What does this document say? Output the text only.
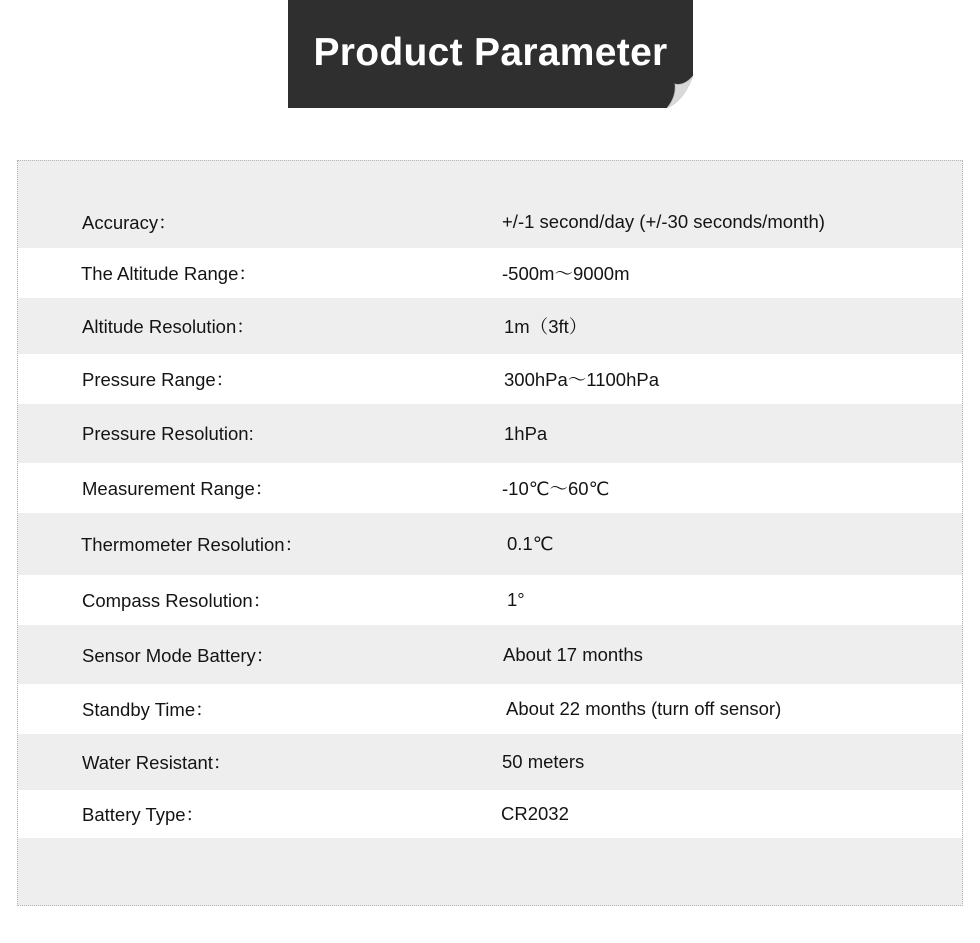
Product Parameter
Accuracy：	+/-1 second/day (+/-30 seconds/month)
The Altitude Range：	-500m～9000m
Altitude Resolution：	1m（3ft）
Pressure Range：	300hPa～1100hPa
Pressure Resolution:	1hPa
Measurement Range：	-10℃～60℃
Thermometer Resolution：	0.1℃
Compass Resolution：	1°
Sensor Mode Battery：	About 17 months
Standby Time：	About 22 months (turn off sensor)
Water Resistant：	50 meters
Battery Type：	CR2032
